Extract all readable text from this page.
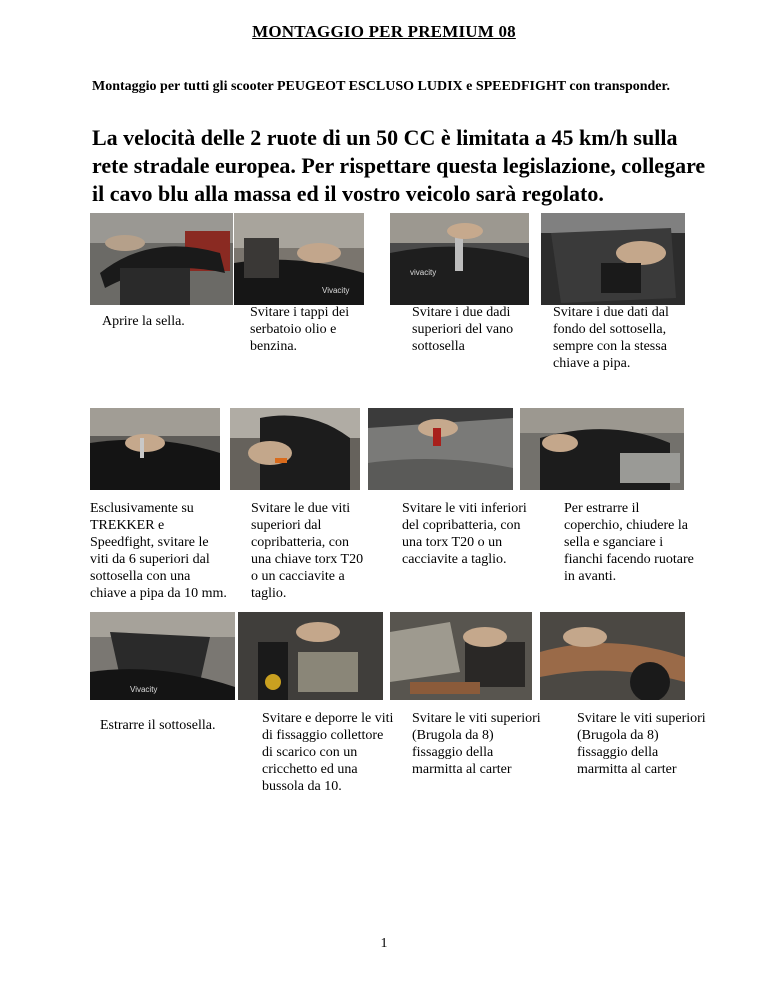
MONTAGGIO PER PREMIUM 08
Montaggio per tutti gli scooter PEUGEOT ESCLUSO LUDIX e SPEEDFIGHT con transponder.
La velocità delle 2 ruote di un 50 CC è limitata a 45 km/h sulla rete stradale europea. Per rispettare questa legislazione, collegare il cavo blu alla massa ed il vostro veicolo sarà regolato.
Vivacity
vivacity
Aprire la sella.
Svitare i tappi dei serbatoio olio e benzina.
Svitare i due dadi superiori del vano sottosella
Svitare i due dati dal fondo del sottosella, sempre con la stessa chiave a pipa.
Esclusivamente su TREKKER e Speedfight, svitare le viti da 6 superiori dal sottosella con una chiave a pipa da 10 mm.
Svitare le due viti superiori dal copribatteria, con una chiave torx T20 o un cacciavite a taglio.
Svitare le viti inferiori del copribatteria, con una torx T20 o un cacciavite a taglio.
Per estrarre il coperchio, chiudere la sella e sganciare i fianchi facendo ruotare in avanti.
Vivacity
Estrarre il sottosella.	Svitare e deporre le viti di fissaggio collettore di scarico con un cricchetto ed una bussola da 10.
Svitare le viti superiori (Brugola da 8) fissaggio della marmitta al carter
Svitare le viti superiori (Brugola da 8) fissaggio della marmitta al carter
1
